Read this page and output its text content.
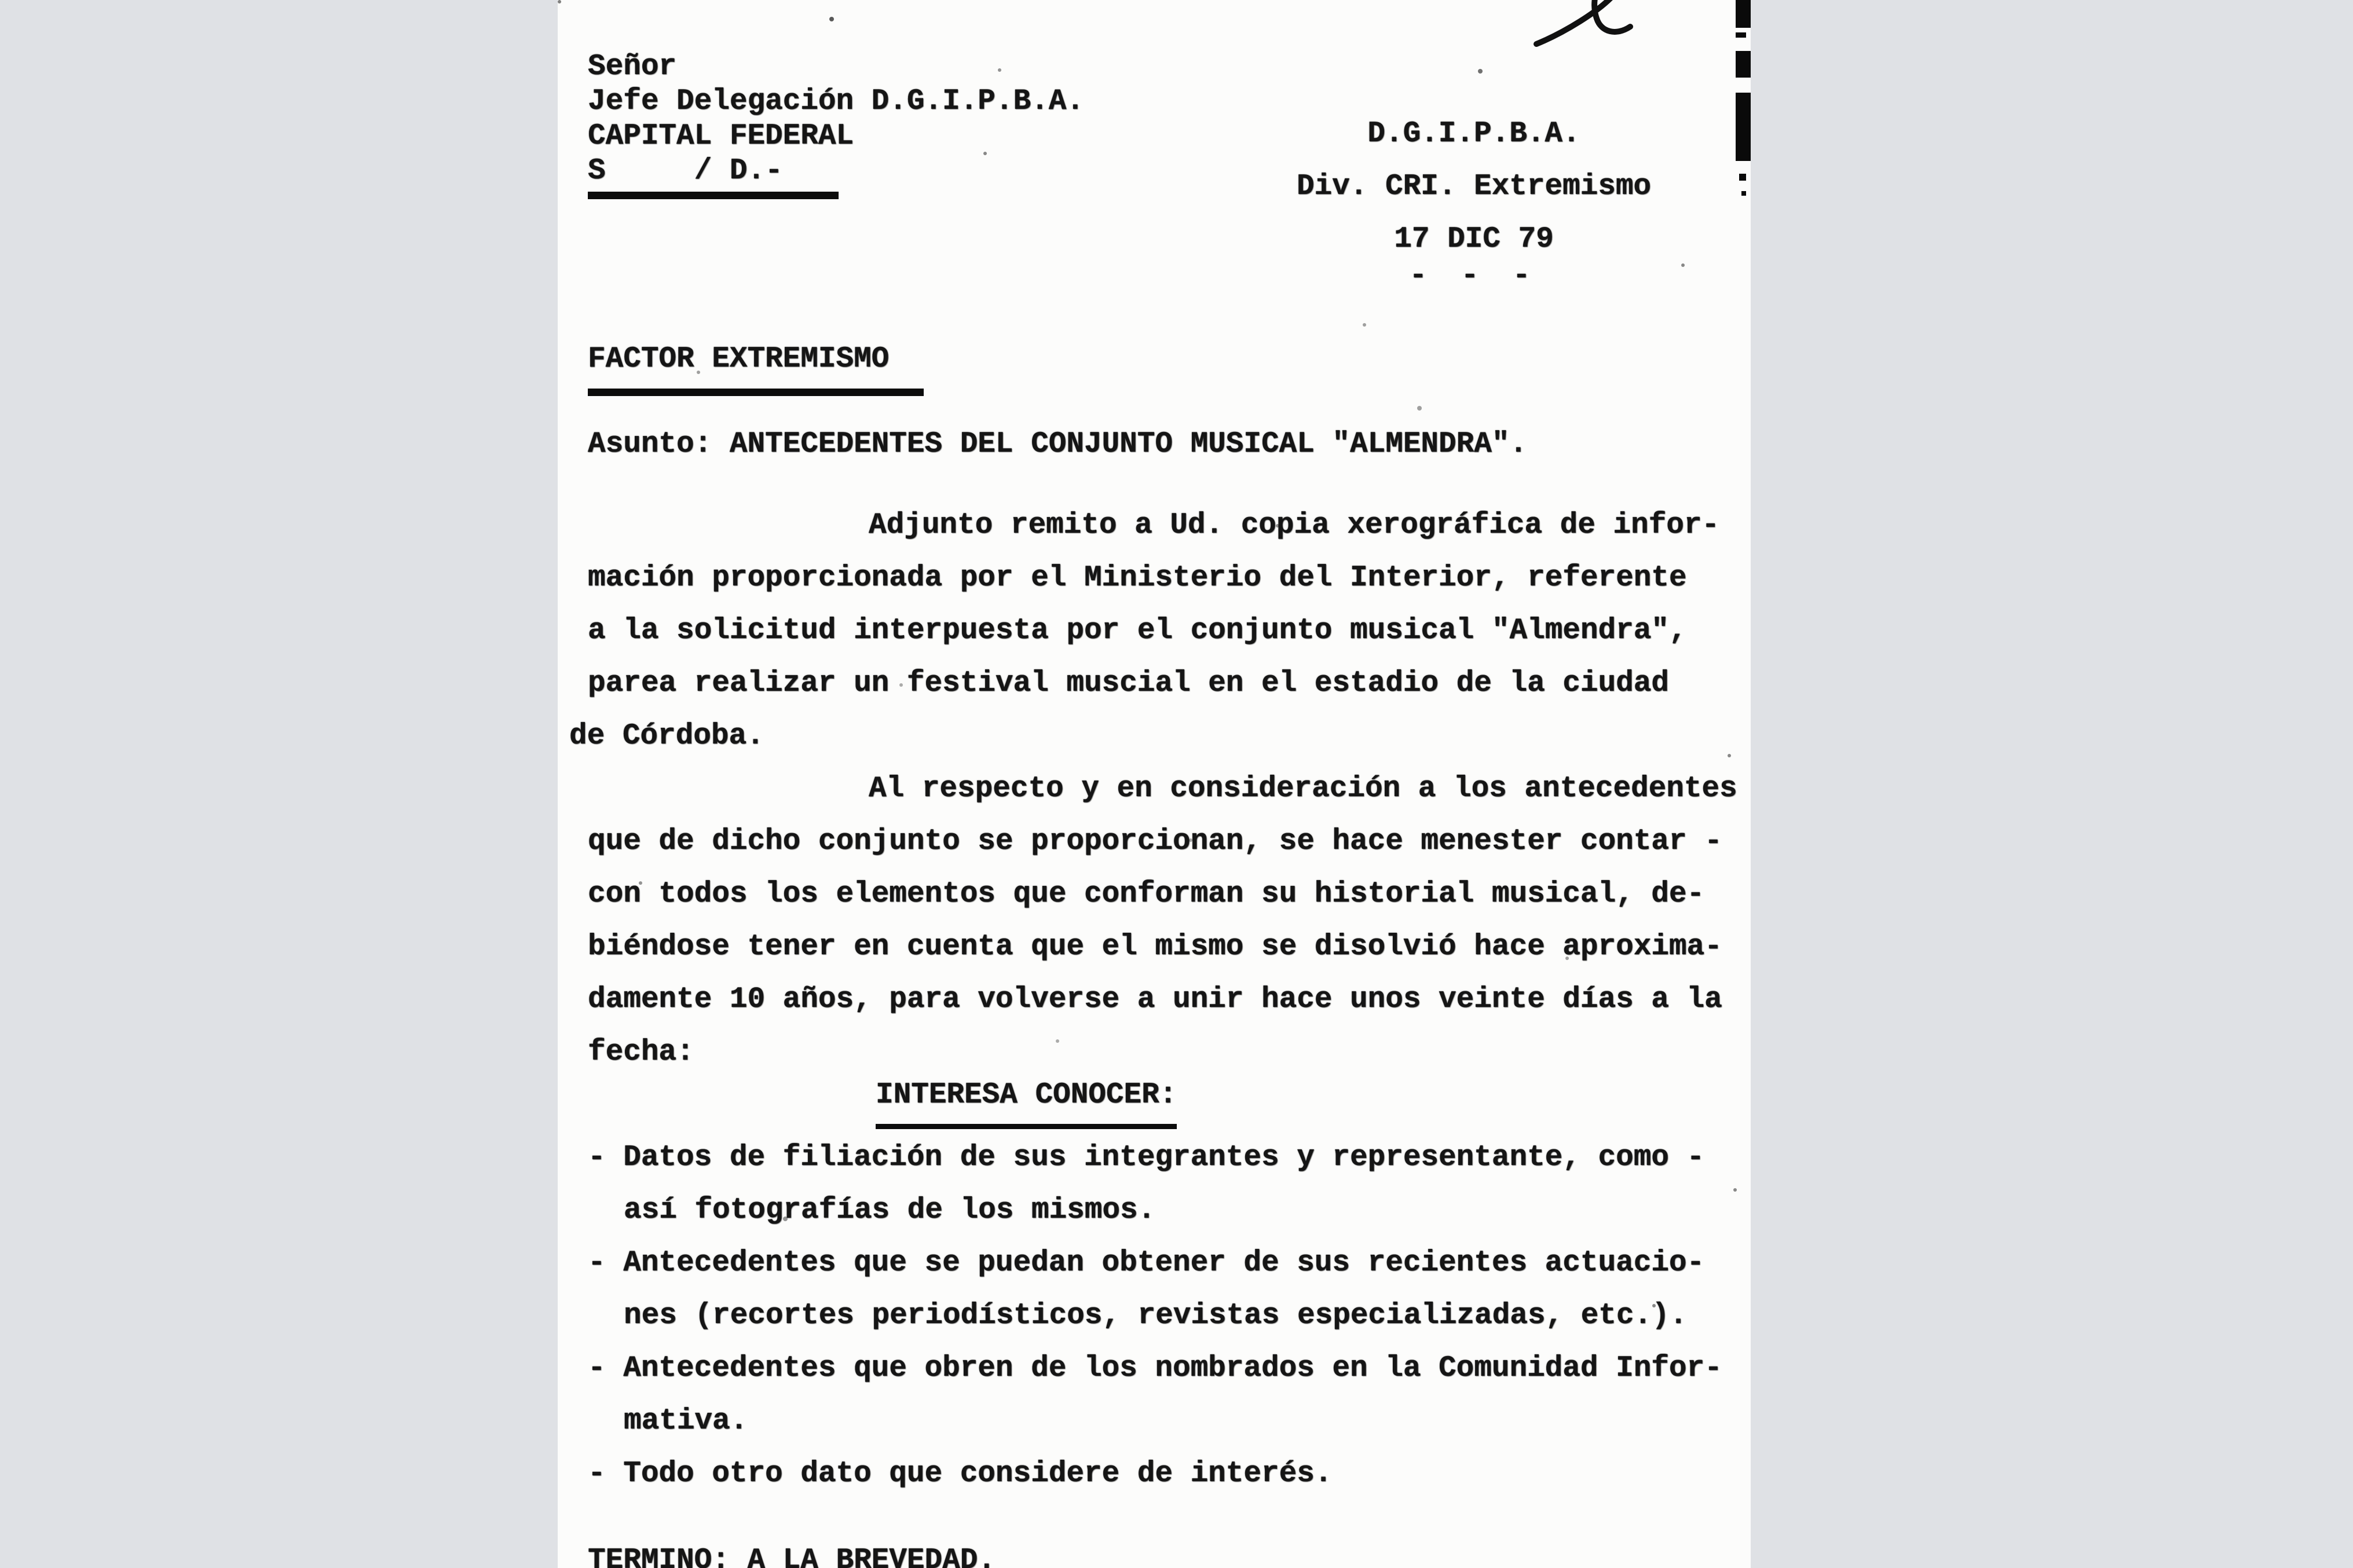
Señor
Jefe Delegación D.G.I.P.B.A.
CAPITAL FEDERAL
S     / D.-
D.G.I.P.B.A.
Div. CRI. Extremismo
17 DIC 79
- - -
FACTOR EXTREMISMO
Asunto: ANTECEDENTES DEL CONJUNTO MUSICAL "ALMENDRA".
Adjunto remito a Ud. copia xerográfica de infor-
mación proporcionada por el Ministerio del Interior, referente
a la solicitud interpuesta por el conjunto musical "Almendra",
parea realizar un festival muscial en el estadio de la ciudad
de Córdoba.
Al respecto y en consideración a los antecedentes
que de dicho conjunto se proporcionan, se hace menester contar -
con todos los elementos que conforman su historial musical, de-
biéndose tener en cuenta que el mismo se disolvió hace aproxima-
damente 10 años, para volverse a unir hace unos veinte días a la
fecha:
INTERESA CONOCER:
- Datos de filiación de sus integrantes y representante, como -
así fotografías de los mismos.
- Antecedentes que se puedan obtener de sus recientes actuacio-
nes (recortes periodísticos, revistas especializadas, etc.).
- Antecedentes que obren de los nombrados en la Comunidad Infor-
mativa.
- Todo otro dato que considere de interés.
TERMINO: A LA BREVEDAD.
